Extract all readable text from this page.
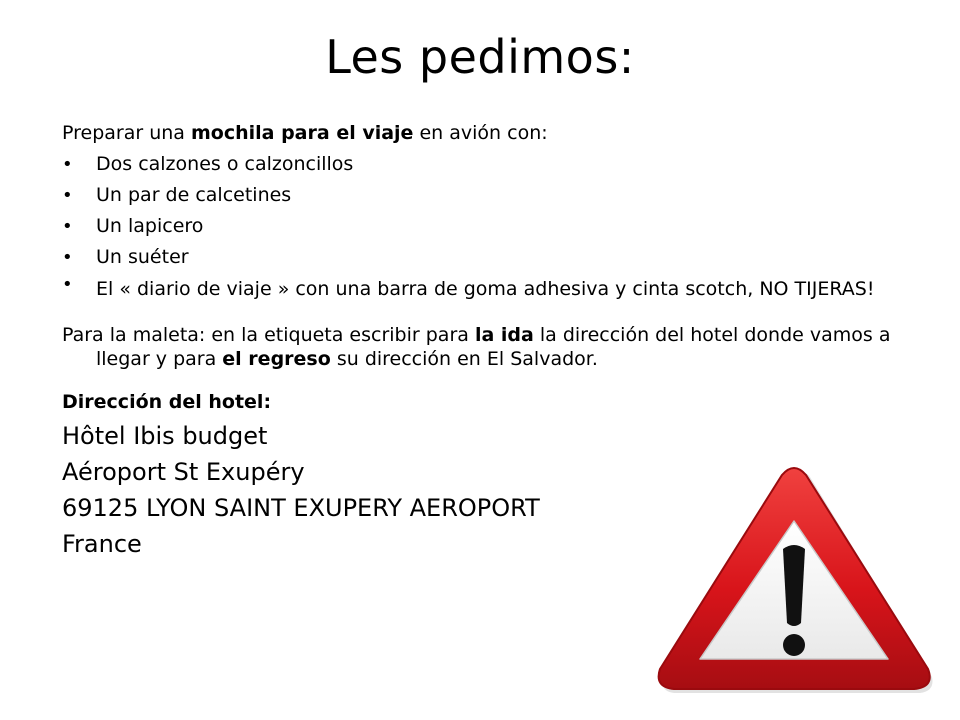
Les pedimos:

Preparar una mochila para el viaje en avión con:

• Dos calzones o calzoncillos
• Un par de calcetines
• Un lapicero
• Un suéter
• El « diario de viaje » con una barra de goma adhesiva y cinta scotch, NO TIJERAS!

Para la maleta: en la etiqueta escribir para la ida la dirección del hotel donde vamos a llegar y para el regreso su dirección en El Salvador.

Dirección del hotel:

Hôtel Ibis budget
Aéroport St Exupéry
69125 LYON SAINT EXUPERY AEROPORT
France
